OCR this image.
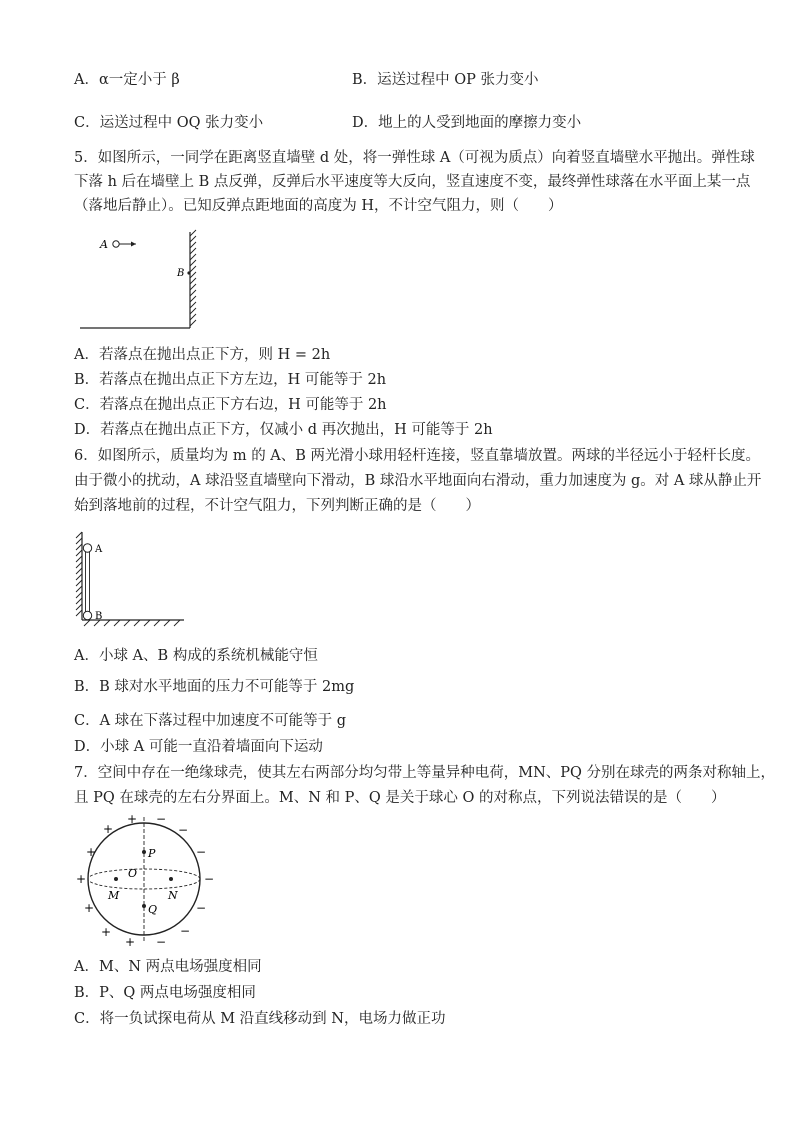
A．α一定小于 β	B．运送过程中 OP 张力变小
C．运送过程中 OQ 张力变小	D．地上的人受到地面的摩擦力变小
5．如图所示，一同学在距离竖直墙壁 d 处，将一弹性球 A（可视为质点）向着竖直墙壁水平抛出。弹性球
下落 h 后在墙壁上 B 点反弹，反弹后水平速度等大反向，竖直速度不变，最终弹性球落在水平面上某一点
（落地后静止）。已知反弹点距地面的高度为 H，不计空气阻力，则（　　）
A
B
A．若落点在抛出点正下方，则 H = 2h
B．若落点在抛出点正下方左边，H 可能等于 2h
C．若落点在抛出点正下方右边，H 可能等于 2h
D．若落点在抛出点正下方，仅减小 d 再次抛出，H 可能等于 2h
6．如图所示，质量均为 m 的 A、B 两光滑小球用轻杆连接，竖直靠墙放置。两球的半径远小于轻杆长度。
由于微小的扰动，A 球沿竖直墙壁向下滑动，B 球沿水平地面向右滑动，重力加速度为 g。对 A 球从静止开
始到落地前的过程，不计空气阻力，下列判断正确的是（　　）
A
B
A．小球 A、B 构成的系统机械能守恒
B．B 球对水平地面的压力不可能等于 2mg
C．A 球在下落过程中加速度不可能等于 g
D．小球 A 可能一直沿着墙面向下运动
7．空间中存在一绝缘球壳，使其左右两部分均匀带上等量异种电荷，MN、PQ 分别在球壳的两条对称轴上，
且 PQ 在球壳的左右分界面上。M、N 和 P、Q 是关于球心 O 的对称点，下列说法错误的是（　　）
P
Q
M	N
O
+
+
+
+
+
+
+
−
−
−
−
−
−
−
A．M、N 两点电场强度相同
B．P、Q 两点电场强度相同
C．将一负试探电荷从 M 沿直线移动到 N，电场力做正功
